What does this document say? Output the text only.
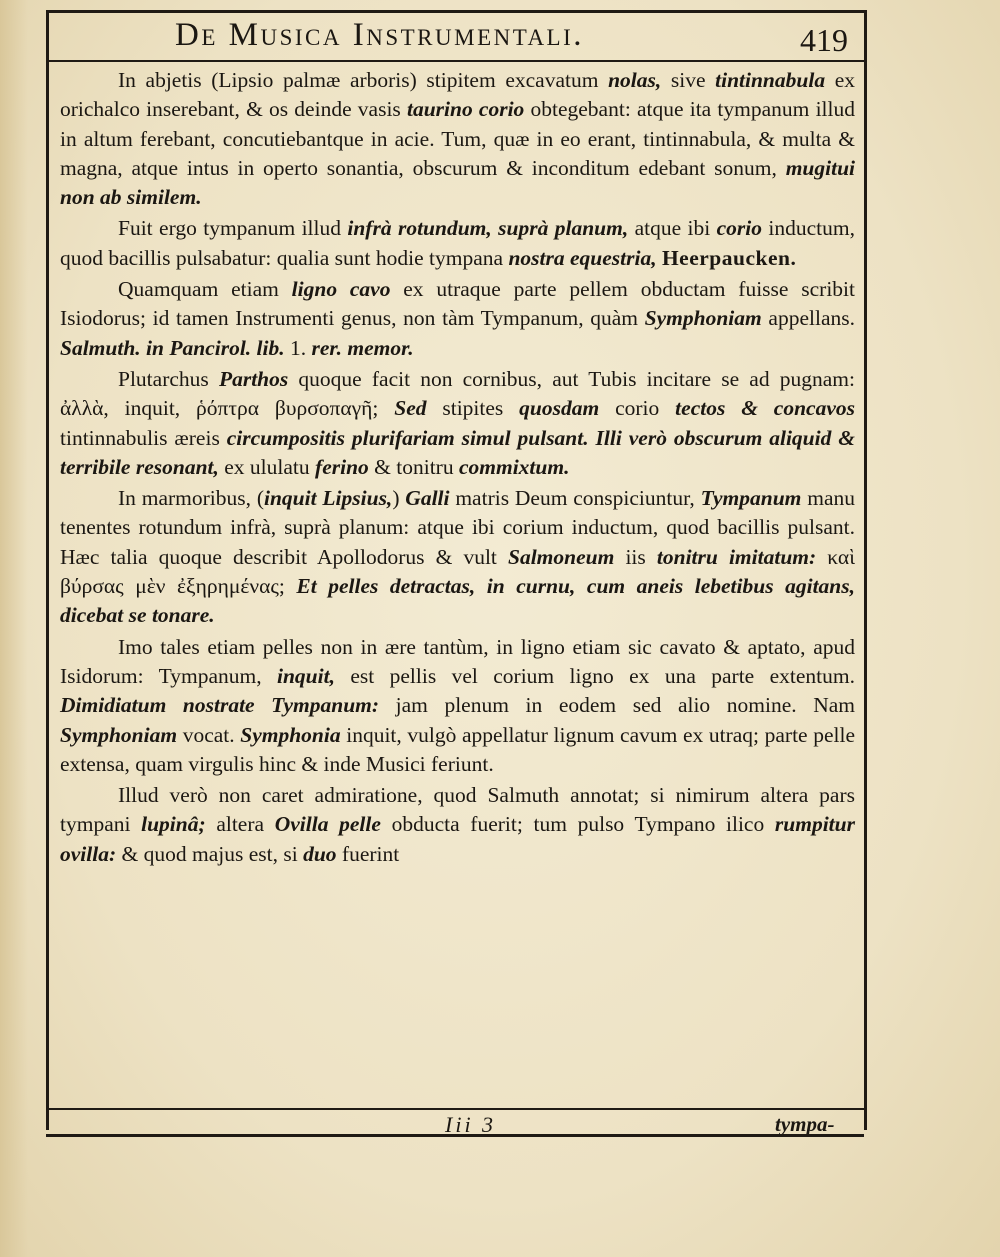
De Musica Instrumentali.	419

In abjetis (Lipsio palmæ arboris) stipitem excavatum nolas, sive tintinnabula ex orichalco inserebant, & os deinde vasis taurino corio obtegebant: atque ita tympanum illud in altum ferebant, concutiebantque in acie. Tum, quæ in eo erant, tintinnabula, & multa & magna, atque intus in operto sonantia, obscurum & inconditum edebant sonum, mugitui non ab similem.

Fuit ergo tympanum illud infrà rotundum, suprà planum, atque ibi corio inductum, quod bacillis pulsabatur: qualia sunt hodie tympana nostra equestria, Heerpaucken.

Quamquam etiam ligno cavo ex utraque parte pellem obductam fuisse scribit Isiodorus; id tamen Instrumenti genus, non tàm Tympanum, quàm Symphoniam appellans. Salmuth. in Pancirol. lib. 1. rer. memor.

Plutarchus Parthos quoque facit non cornibus, aut Tubis incitare se ad pugnam: ἀλλὰ, inquit, ῥόπτρα βυρσοπαγῆ; Sed stipites quosdam corio tectos & concavos tintinnabulis æreis circumpositis plurifariam simul pulsant. Illi verò obscurum aliquid & terribile resonant, ex ululatu ferino & tonitru commixtum.

In marmoribus, (inquit Lipsius,) Galli matris Deum conspiciuntur, Tympanum manu tenentes rotundum infrà, suprà planum: atque ibi corium inductum, quod bacillis pulsant. Hæc talia quoque describit Apollodorus & vult Salmoneum iis tonitru imitatum: καὶ βύρσας μὲν ἐξηρημένας; Et pelles detractas, in curnu, cum aneis lebetibus agitans, dicebat se tonare.

Imo tales etiam pelles non in ære tantùm, in ligno etiam sic cavato & aptato, apud Isidorum: Tympanum, inquit, est pellis vel corium ligno ex una parte extentum. Dimidiatum nostrate Tympanum: jam plenum in eodem sed alio nomine. Nam Symphoniam vocat. Symphonia inquit, vulgò appellatur lignum cavum ex utraq; parte pelle extensa, quam virgulis hinc & inde Musici feriunt.

Illud verò non caret admiratione, quod Salmuth annotat; si nimirum altera pars tympani lupinâ; altera Ovilla pelle obducta fuerit; tum pulso Tympano ilico rumpitur ovilla: & quod majus est, si duo fuerint

Iii 3	tympa-
